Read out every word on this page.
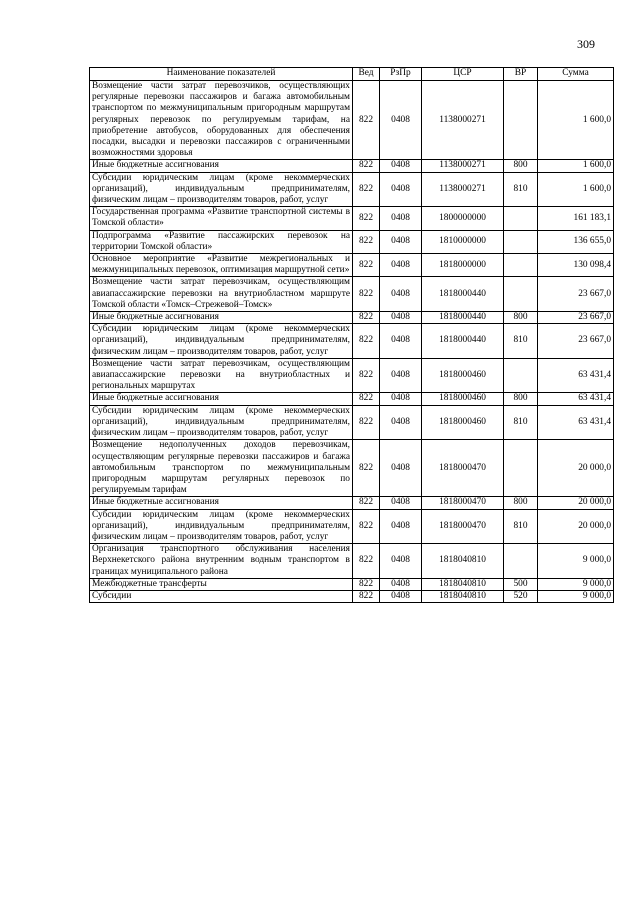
309
Наименование показателей	Вед	РзПр	ЦСР	ВР	Сумма
Возмещение части затрат перевозчиков, осуществляющих регулярные перевозки пассажиров и багажа автомобильным транспортом по межмуниципальным пригородным маршрутам регулярных перевозок по регулируемым тарифам, на приобретение автобусов, оборудованных для обеспечения посадки, высадки и перевозки пассажиров с ограниченными возможностями здоровья	822	0408	1138000271		1 600,0
Иные бюджетные ассигнования	822	0408	1138000271	800	1 600,0
Субсидии юридическим лицам (кроме некоммерческих организаций), индивидуальным предпринимателям, физическим лицам – производителям товаров, работ, услуг	822	0408	1138000271	810	1 600,0
Государственная программа «Развитие транспортной системы в Томской области»	822	0408	1800000000		161 183,1
Подпрограмма «Развитие пассажирских перевозок на территории Томской области»	822	0408	1810000000		136 655,0
Основное мероприятие «Развитие межрегиональных и межмуниципальных перевозок, оптимизация маршрутной сети»	822	0408	1818000000		130 098,4
Возмещение части затрат перевозчикам, осуществляющим авиапассажирские перевозки на внутриобластном маршруте Томской области «Томск–Стрежевой–Томск»	822	0408	1818000440		23 667,0
Иные бюджетные ассигнования	822	0408	1818000440	800	23 667,0
Субсидии юридическим лицам (кроме некоммерческих организаций), индивидуальным предпринимателям, физическим лицам – производителям товаров, работ, услуг	822	0408	1818000440	810	23 667,0
Возмещение части затрат перевозчикам, осуществляющим авиапассажирские перевозки на внутриобластных и региональных маршрутах	822	0408	1818000460		63 431,4
Иные бюджетные ассигнования	822	0408	1818000460	800	63 431,4
Субсидии юридическим лицам (кроме некоммерческих организаций), индивидуальным предпринимателям, физическим лицам – производителям товаров, работ, услуг	822	0408	1818000460	810	63 431,4
Возмещение недополученных доходов перевозчикам, осуществляющим регулярные перевозки пассажиров и багажа автомобильным транспортом по межмуниципальным пригородным маршрутам регулярных перевозок по регулируемым тарифам	822	0408	1818000470		20 000,0
Иные бюджетные ассигнования	822	0408	1818000470	800	20 000,0
Субсидии юридическим лицам (кроме некоммерческих организаций), индивидуальным предпринимателям, физическим лицам – производителям товаров, работ, услуг	822	0408	1818000470	810	20 000,0
Организация транспортного обслуживания населения Верхнекетского района внутренним водным транспортом в границах муниципального района	822	0408	1818040810		9 000,0
Межбюджетные трансферты	822	0408	1818040810	500	9 000,0
Субсидии	822	0408	1818040810	520	9 000,0
